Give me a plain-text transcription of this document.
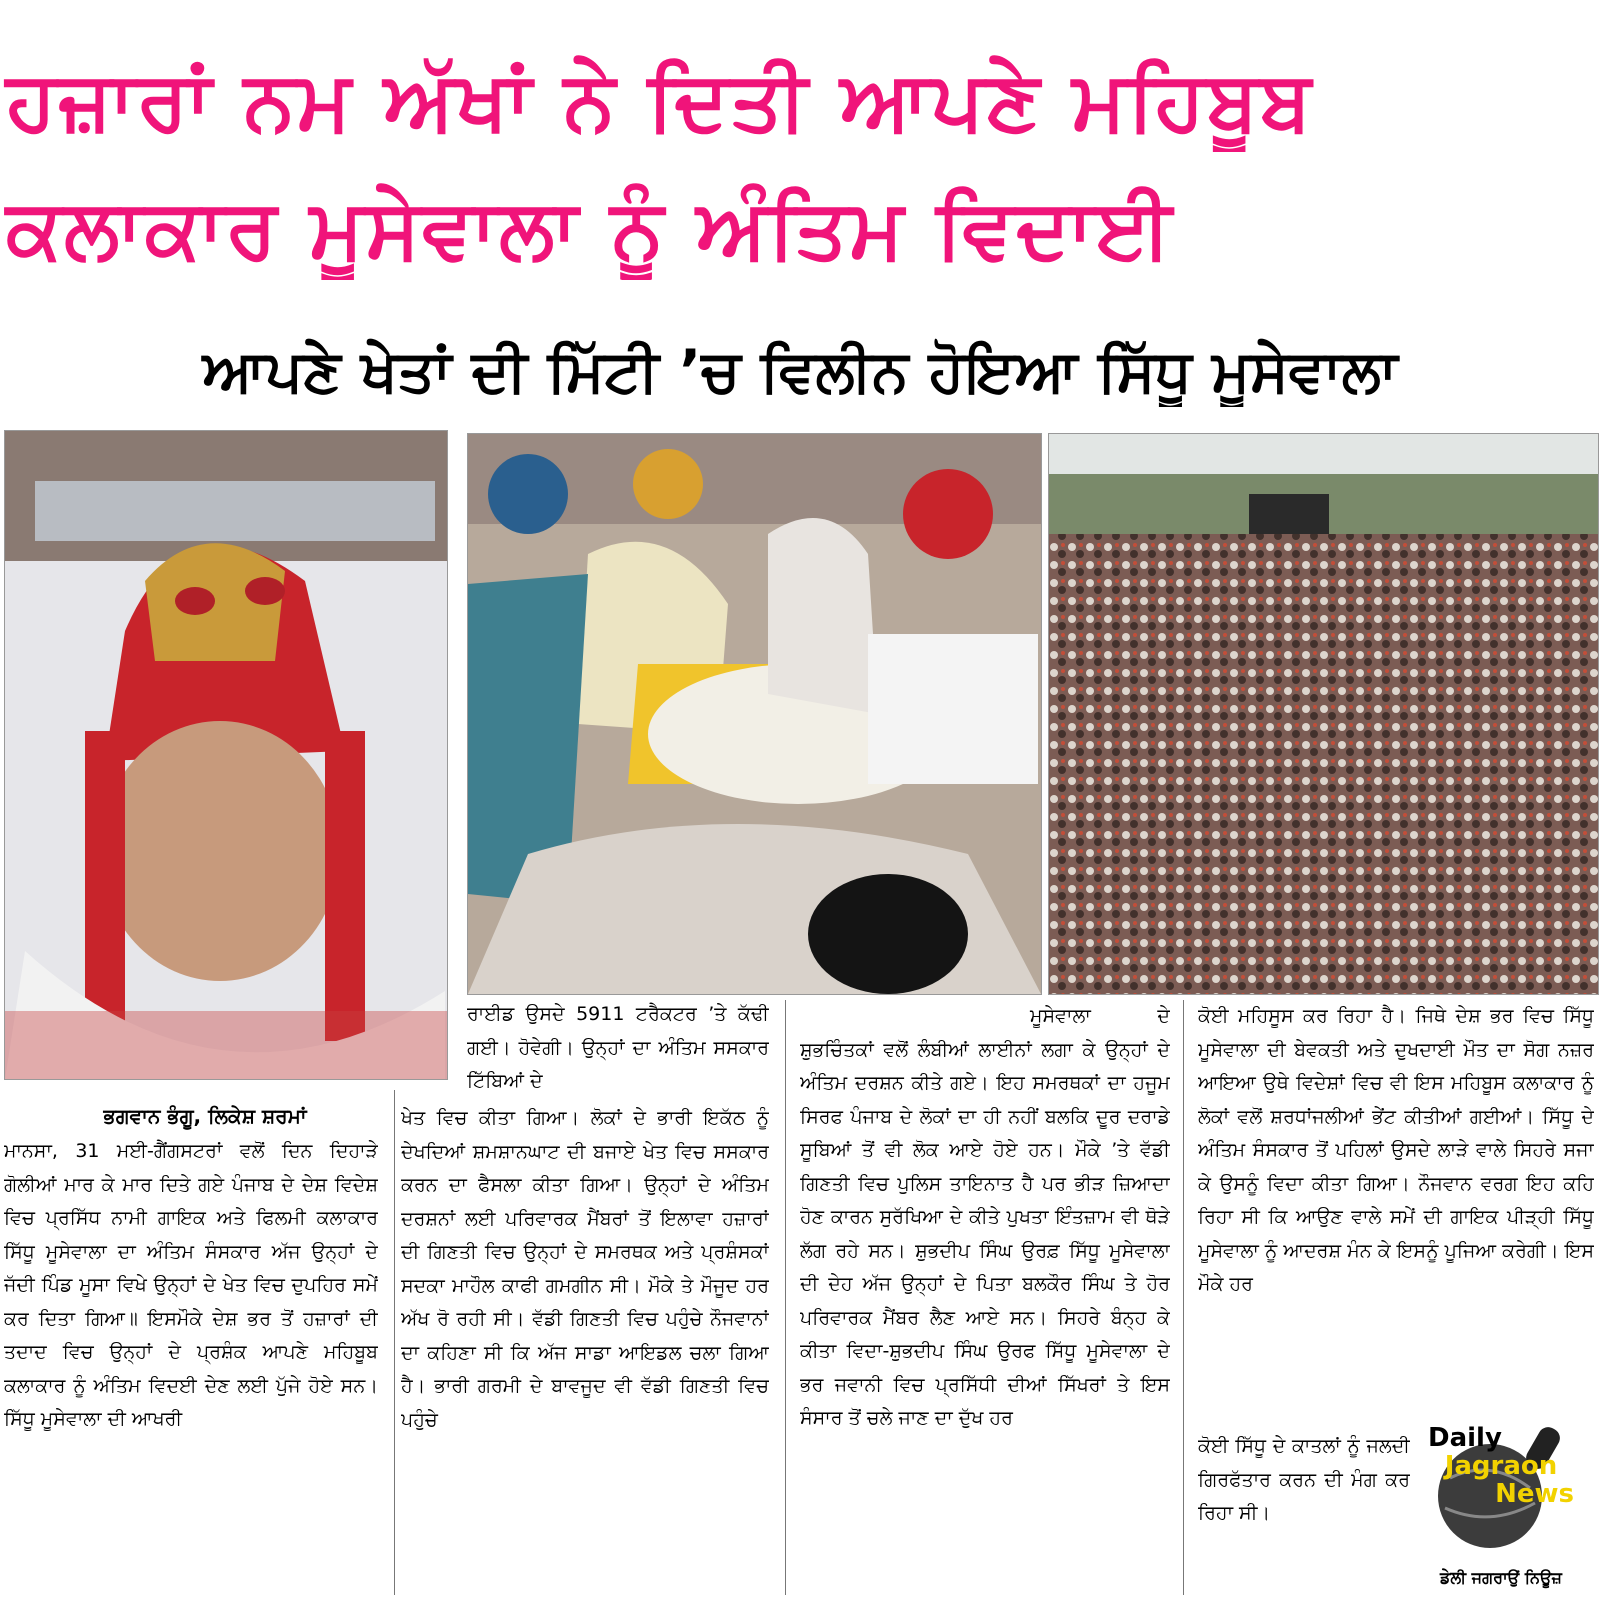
ਹਜ਼ਾਰਾਂ ਨਮ ਅੱਖਾਂ ਨੇ ਦਿਤੀ ਆਪਣੇ ਮਹਿਬੂਬ
ਕਲਾਕਾਰ ਮੂਸੇਵਾਲਾ ਨੂੰ ਅੰਤਿਮ ਵਿਦਾਈ
ਆਪਣੇ ਖੇਤਾਂ ਦੀ ਮਿੱਟੀ ’ਚ ਵਿਲੀਨ ਹੋਇਆ ਸਿੱਧੂ ਮੂਸੇਵਾਲਾ
ਭਗਵਾਨ ਭੰਗੂ, ਲਿਕੇਸ਼ ਸ਼ਰਮਾਂ

ਮਾਨਸਾ, 31 ਮਈ-ਗੈਂਗਸਟਰਾਂ ਵਲੋਂ ਦਿਨ ਦਿਹਾੜੇ ਗੋਲੀਆਂ ਮਾਰ ਕੇ ਮਾਰ ਦਿਤੇ ਗਏ ਪੰਜਾਬ ਦੇ ਦੇਸ਼ ਵਿਦੇਸ਼ ਵਿਚ ਪ੍ਰਸਿੱਧ ਨਾਮੀ ਗਾਇਕ ਅਤੇ ਫਿਲਮੀ ਕਲਾਕਾਰ ਸਿੱਧੂ ਮੂਸੇਵਾਲਾ ਦਾ ਅੰਤਿਮ ਸੰਸਕਾਰ ਅੱਜ ਉਨ੍ਹਾਂ ਦੇ ਜੱਦੀ ਪਿੰਡ ਮੂਸਾ ਵਿਖੇ ਉਨ੍ਹਾਂ ਦੇ ਖੇਤ ਵਿਚ ਦੁਪਹਿਰ ਸਮੇਂ ਕਰ ਦਿਤਾ ਗਿਆ॥ ਇਸਮੌਕੇ ਦੇਸ਼ ਭਰ ਤੋਂ ਹਜ਼ਾਰਾਂ ਦੀ ਤਦਾਦ ਵਿਚ ਉਨ੍ਹਾਂ ਦੇ ਪ੍ਰਸ਼ੰਕ ਆਪਣੇ ਮਹਿਬੂਬ ਕਲਾਕਾਰ ਨੂੰ ਅੰਤਿਮ ਵਿਦਈ ਦੇਣ ਲਈ ਪੁੱਜੇ ਹੋਏ ਸਨ। ਸਿੱਧੂ ਮੂਸੇਵਾਲਾ ਦੀ ਆਖਰੀ

ਰਾਈਡ ਉਸਦੇ 5911 ਟਰੈਕਟਰ ’ਤੇ ਕੱਢੀ ਗਈ। ਹੋਵੇਗੀ। ਉਨ੍ਹਾਂ ਦਾ ਅੰਤਿਮ ਸਸਕਾਰ ਟਿੱਬਿਆਂ ਦੇ

ਖੇਤ ਵਿਚ ਕੀਤਾ ਗਿਆ। ਲੋਕਾਂ ਦੇ ਭਾਰੀ ਇਕੱਠ ਨੂੰ ਦੇਖਦਿਆਂ ਸ਼ਮਸ਼ਾਨਘਾਟ ਦੀ ਬਜਾਏ ਖੇਤ ਵਿਚ ਸਸਕਾਰ ਕਰਨ ਦਾ ਫੈਸਲਾ ਕੀਤਾ ਗਿਆ। ਉਨ੍ਹਾਂ ਦੇ ਅੰਤਿਮ ਦਰਸ਼ਨਾਂ ਲਈ ਪਰਿਵਾਰਕ ਮੈਂਬਰਾਂ ਤੋਂ ਇਲਾਵਾ ਹਜ਼ਾਰਾਂ ਦੀ ਗਿਣਤੀ ਵਿਚ ਉਨ੍ਹਾਂ ਦੇ ਸਮਰਥਕ ਅਤੇ ਪ੍ਰਸ਼ੰਸਕਾਂ ਸਦਕਾ ਮਾਹੌਲ ਕਾਫੀ ਗਮਗੀਨ ਸੀ। ਮੌਕੇ ਤੇ ਮੌਜੂਦ ਹਰ ਅੱਖ ਰੋ ਰਹੀ ਸੀ। ਵੱਡੀ ਗਿਣਤੀ ਵਿਚ ਪਹੁੰਚੇ ਨੌਜਵਾਨਾਂ ਦਾ ਕਹਿਣਾ ਸੀ ਕਿ ਅੱਜ ਸਾਡਾ ਆਇਡਲ ਚਲਾ ਗਿਆ ਹੈ। ਭਾਰੀ ਗਰਮੀ ਦੇ ਬਾਵਜੂਦ ਵੀ ਵੱਡੀ ਗਿਣਤੀ ਵਿਚ ਪਹੁੰਚੇ

ਮੂਸੇਵਾਲਾ ਦੇ ਸ਼ੁਭਚਿੰਤਕਾਂ ਵਲੋਂ ਲੰਬੀਆਂ ਲਾਈਨਾਂ ਲਗਾ ਕੇ ਉਨ੍ਹਾਂ ਦੇ ਅੰਤਿਮ ਦਰਸ਼ਨ ਕੀਤੇ ਗਏ। ਇਹ ਸਮਰਥਕਾਂ ਦਾ ਹਜੂਮ ਸਿਰਫ ਪੰਜਾਬ ਦੇ ਲੋਕਾਂ ਦਾ ਹੀ ਨਹੀਂ ਬਲਕਿ ਦੂਰ ਦਰਾਡੇ ਸੂਬਿਆਂ ਤੋਂ ਵੀ ਲੋਕ ਆਏ ਹੋਏ ਹਨ। ਮੌਕੇ ’ਤੇ ਵੱਡੀ ਗਿਣਤੀ ਵਿਚ ਪੁਲਿਸ ਤਾਇਨਾਤ ਹੈ ਪਰ ਭੀੜ ਜ਼ਿਆਦਾ ਹੋਣ ਕਾਰਨ ਸੁਰੱਖਿਆ ਦੇ ਕੀਤੇ ਪੁਖਤਾ ਇੰਤਜ਼ਾਮ ਵੀ ਥੋੜੇ ਲੱਗ ਰਹੇ ਸਨ। ਸ਼ੁਭਦੀਪ ਸਿੰਘ ਉਰਫ਼ ਸਿੱਧੂ ਮੂਸੇਵਾਲਾ ਦੀ ਦੇਹ ਅੱਜ ਉਨ੍ਹਾਂ ਦੇ ਪਿਤਾ ਬਲਕੌਰ ਸਿੰਘ ਤੇ ਹੋਰ ਪਰਿਵਾਰਕ ਮੈਂਬਰ ਲੈਣ ਆਏ ਸਨ। ਸਿਹਰੇ ਬੰਨ੍ਹ ਕੇ ਕੀਤਾ ਵਿਦਾ-ਸ਼ੁਭਦੀਪ ਸਿੰਘ ਉਰਫ ਸਿੱਧੂ ਮੂਸੇਵਾਲਾ ਦੇ ਭਰ ਜਵਾਨੀ ਵਿਚ ਪ੍ਰਸਿੱਧੀ ਦੀਆਂ ਸਿੱਖਰਾਂ ਤੇ ਇਸ ਸੰਸਾਰ ਤੋਂ ਚਲੇ ਜਾਣ ਦਾ ਦੁੱਖ ਹਰ

ਕੋਈ ਮਹਿਸੂਸ ਕਰ ਰਿਹਾ ਹੈ। ਜਿਥੇ ਦੇਸ਼ ਭਰ ਵਿਚ ਸਿੱਧੂ ਮੂਸੇਵਾਲਾ ਦੀ ਬੇਵਕਤੀ ਅਤੇ ਦੁਖਦਾਈ ਮੌਤ ਦਾ ਸੋਗ ਨਜ਼ਰ ਆਇਆ ਉਥੇ ਵਿਦੇਸ਼ਾਂ ਵਿਚ ਵੀ ਇਸ ਮਹਿਬੂਸ ਕਲਾਕਾਰ ਨੂੰ ਲੋਕਾਂ ਵਲੋਂ ਸ਼ਰਧਾਂਜਲੀਆਂ ਭੇਂਟ ਕੀਤੀਆਂ ਗਈਆਂ। ਸਿੱਧੂ ਦੇ ਅੰਤਿਮ ਸੰਸਕਾਰ ਤੋਂ ਪਹਿਲਾਂ ਉਸਦੇ ਲਾੜੇ ਵਾਲੇ ਸਿਹਰੇ ਸਜਾ ਕੇ ਉਸਨੂੰ ਵਿਦਾ ਕੀਤਾ ਗਿਆ। ਨੌਜਵਾਨ ਵਰਗ ਇਹ ਕਹਿ ਰਿਹਾ ਸੀ ਕਿ ਆਉਣ ਵਾਲੇ ਸਮੇਂ ਦੀ ਗਾਇਕ ਪੀੜ੍ਹੀ ਸਿੱਧੂ ਮੂਸੇਵਾਲਾ ਨੂੰ ਆਦਰਸ਼ ਮੰਨ ਕੇ ਇਸਨੂੰ ਪੂਜਿਆ ਕਰੇਗੀ। ਇਸ ਮੌਕੇ ਹਰ

ਕੋਈ ਸਿੱਧੂ ਦੇ ਕਾਤਲਾਂ ਨੂੰ ਜਲਦੀ ਗਿਰਫੱਤਾਰ ਕਰਨ ਦੀ ਮੰਗ ਕਰ ਰਿਹਾ ਸੀ।

Daily
Jagraon
News
ਡੇਲੀ ਜਗਰਾਉਂ ਨਿਊਜ਼
